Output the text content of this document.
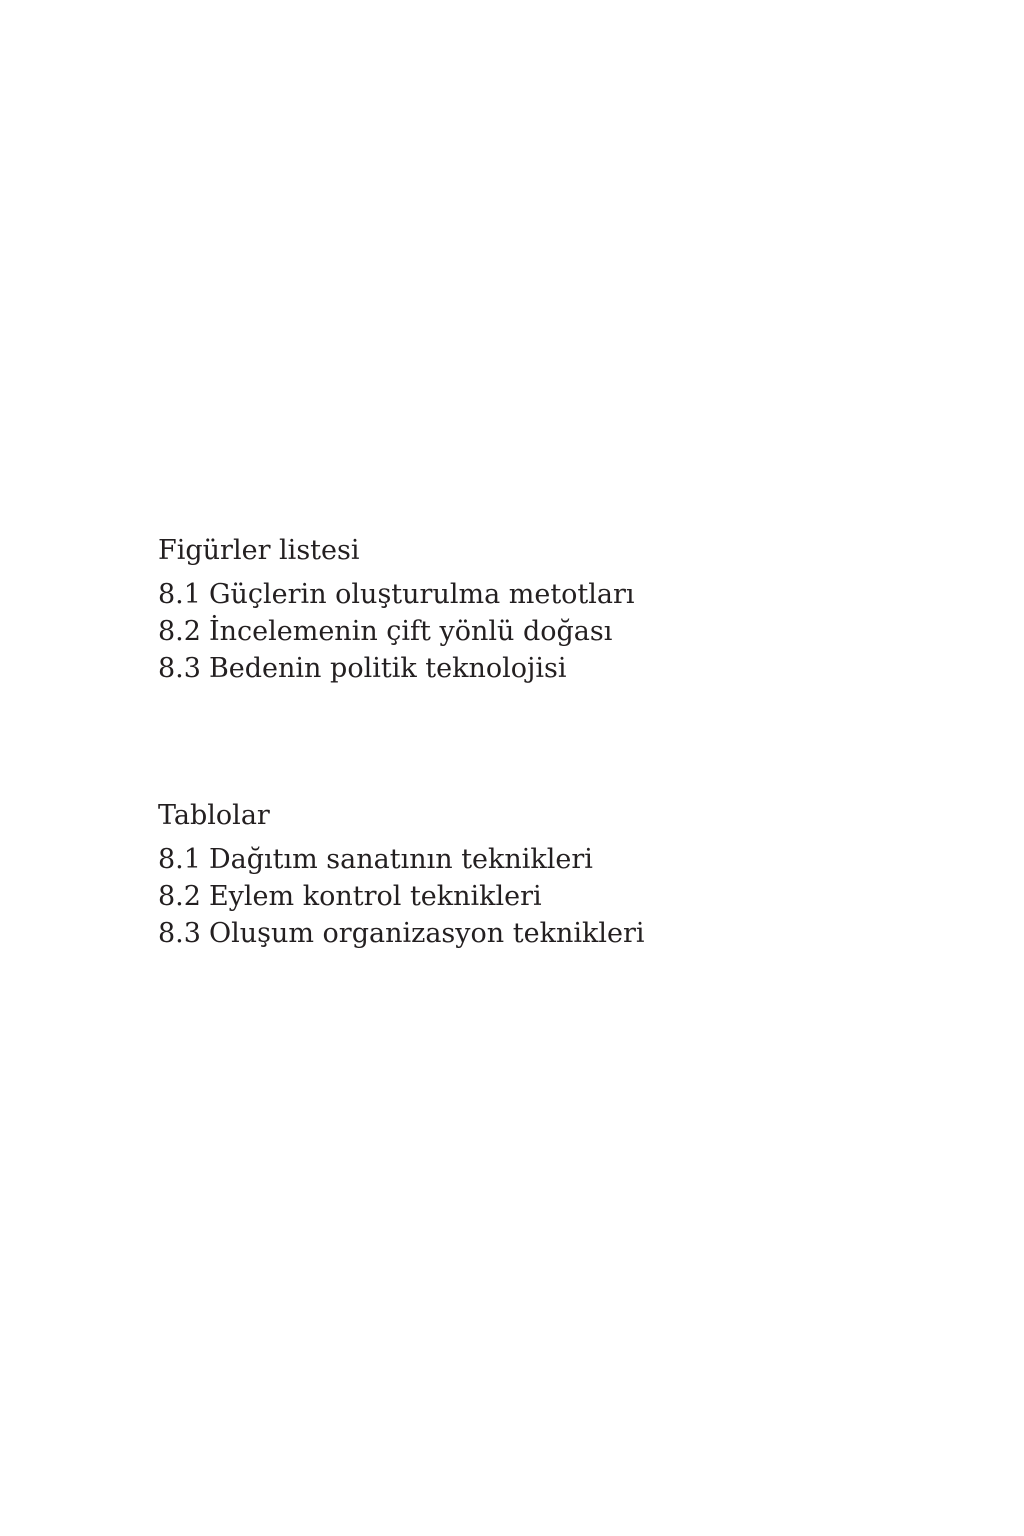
Figürler listesi
8.1 Güçlerin oluşturulma metotları
8.2 İncelemenin çift yönlü doğası
8.3 Bedenin politik teknolojisi
Tablolar
8.1 Dağıtım sanatının teknikleri
8.2 Eylem kontrol teknikleri
8.3 Oluşum organizasyon teknikleri
